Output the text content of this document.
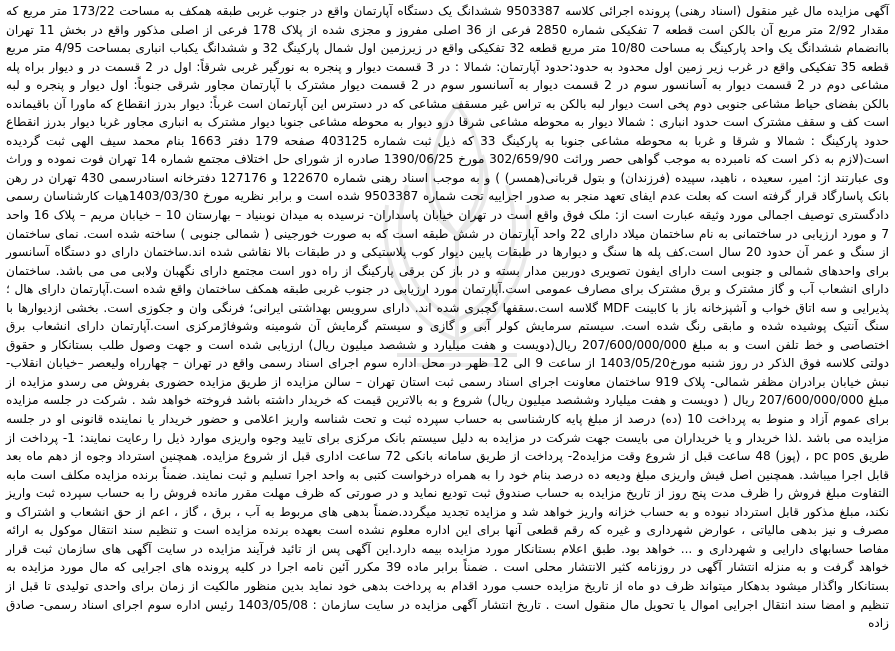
آگهی مزایده مال غیر منقول (اسناد رهنی) پرونده اجرائی کلاسه 9503387 ششدانگ یک دستگاه آپارتمان واقع در جنوب غربی طبقه همکف به مساحت 173/22 متر مربع که مقدار 2/92 متر مربع آن بالکن است قطعه 7 تفکیکی شماره 2850 فرعی از 36 اصلی مفروز و مجزی شده از پلاک 178 فرعی از اصلی مذکور واقع در بخش 11 تهران باانضمام ششدانگ یک واحد پارکینگ به مساحت 10/80 متر مربع قطعه 32 تفکیکی واقع در زیرزمین اول شمال پارکینگ 32 و ششدانگ یکباب انباری بمساحت 4/95 متر مربع قطعه 35 تفکیکی واقع در غرب زیر زمین اول محدود به حدود:حدود آپارتمان: شمالا : در 3 قسمت دیوار و پنجره به نورگیر غربی شرقاً: اول در 2 قسمت در و دیوار براه پله مشاعی دوم در 2 قسمت دیوار به آسانسور سوم در 2 قسمت دیوار به آسانسور سوم در 2 قسمت دیوار مشترک با آپارتمان مجاور شرقی جنوباً: اول دیوار و پنجره و لبه بالکن بفضای حیاط مشاعی جنوبی دوم پخی است دیوار لبه بالکن به تراس غیر مسقف مشاعی که در دسترس این آپارتمان است غرباً: دیوار بدرز انقطاع که ماورا آن باقیمانده است کف و سقف مشترک است حدود انباری : شمالا دیوار به محوطه مشاعی شرقا درو دیوار به محوطه مشاعی جنوبا دیوار مشترک به انباری مجاور غربا دیوار بدرز انقطاع حدود پارکینگ : شمالا و شرقا و غربا به محوطه مشاعی جنوبا به پارکینگ 33 که ذیل ثبت شماره 403125 صفحه 179 دفتر 1663 بنام محمد سیف الهی ثبت گردیده است(لازم به ذکر است که نامبرده به موجب گواهی حصر وراثت 302/659/90 مورخ 1390/06/25 صادره از شورای حل اختلاف مجتمع شماره 14 تهران فوت نموده و وراث وی عبارتند از: امیر، سعیده ، ناهید، سپیده (فرزندان) و بتول قربانی(همسر) ) و به موجب اسناد رهنی شماره 122670 و 127176 دفترخانه اسنادرسمی 430 تهران در رهن بانک پاسارگاد قرار گرفته است که بعلت عدم ایفای تعهد منجر به صدور اجراییه تحت شماره 9503387 شده است و برابر نظریه مورخ 1403/03/30هیات کارشناسان رسمی دادگستری توصیف اجمالی مورد وثیقه عبارت است از: ملک فوق واقع است در تهران خیابان پاسداران- نرسیده به میدان نوبنیاد – بهارستان 10 – خیابان مریم – پلاک 16 واحد 7 و مورد ارزیابی در ساختمانی به نام ساختمان میلاد دارای 22 واحد آپارتمان در شش طبقه است که به صورت خورجینی ( شمالی جنوبی ) ساخته شده است. نمای ساختمان از سنگ و عمر آن حدود 20 سال است.کف پله ها سنگ و دیوارها در طبقات پایین دیوار کوب پلاستیکی و در طبقات بالا نقاشی شده اند.ساختمان دارای دو دستگاه آسانسور برای واحدهای شمالی و جنوبی است دارای ایفون تصویری دوربین مدار بسته و در باز کن برقی پارکینگ از راه دور است مجتمع دارای نگهبان ولابی می می باشد. ساختمان دارای انشعاب آب و گاز مشترک و برق مشترک برای مصارف عمومی است.آپارتمان مورد ارزیابی در جنوب غربی طبقه همکف ساختمان واقع شده است.آپارتمان دارای هال ؛ پذیرایی و سه اتاق خواب و آشپزخانه باز با کابینت MDF گلاسه است.سقفها گچبری شده اند. دارای سرویس بهداشتی ایرانی؛ فرنگی وان و جکوزی است. بخشی ازدیوارها با سنگ آنتیک پوشیده شده و مابقی رنگ شده است. سیستم سرمایش کولر آبی و گازی و سیستم گرمایش آن شومینه وشوفاژمرکزی است.آپارتمان دارای انشعاب برق اختصاصی و خط تلفن است و به مبلغ 207/600/000/000 ریال(دویست و هفت میلیارد و ششصد میلیون ریال) ارزیابی شده است و جهت وصول طلب بستانکار و حقوق دولتی کلاسه فوق الذکر در روز شنبه مورخ1403/05/20 از ساعت 9 الی 12 ظهر در محل اداره سوم اجرای اسناد رسمی واقع در تهران – چهارراه ولیعصر –خیابان انقلاب- نبش خیابان برادران مظفر شمالی- پلاک 919 ساختمان معاونت اجرای اسناد رسمی ثبت استان تهران – سالن مزایده از طریق مزایده حضوری بفروش می رسدو مزایده از مبلغ 207/600/000/000 ریال ( دویست و هفت میلیارد وششصد میلیون ریال) شروع و به بالاترین قیمت که خریدار داشته باشد فروخته خواهد شد . شرکت در جلسه مزایده برای عموم آزاد و منوط به پرداخت 10 (ده) درصد از مبلغ پایه کارشناسی به حساب سپرده ثبت و تحت شناسه واریز اعلامی و حضور خریدار یا نماینده قانونی او در جلسه مزایده می باشد .لذا خریدار و یا خریداران می بایست جهت شرکت در مزایده به دلیل سیستم بانک مرکزی برای تایید وجوه واریزی موارد ذیل را رعایت نمایند: 1- پرداخت از طریق pc pos ، (پوز) 48 ساعت قبل از شروع وقت مزایده2- پرداخت از طریق سامانه بانکی 72 ساعت اداری قبل از شروع مزایده. همچنین استرداد وجوه از دهم ماه بعد قابل اجرا میباشد. همچنین اصل فیش واریزی مبلغ ودیعه ده درصد بنام خود را به همراه درخواست کتبی به واحد اجرا تسلیم و ثبت نمایند. ضمناً برنده مزایده مکلف است مابه التفاوت مبلغ فروش را ظرف مدت پنج روز از تاریخ مزایده به حساب صندوق ثبت تودیع نماید و در صورتی که ظرف مهلت مقرر مانده فروش را به حساب سپرده ثبت واریز نکند، مبلغ مذکور قابل استرداد نبوده و به حساب خزانه واریز خواهد شد و مزایده تجدید میگردد.ضمناً بدهی های مربوط به آب ، برق ، گاز ، اعم از حق انشعاب و اشتراک و مصرف و نیز بدهی مالیاتی ، عوارض شهرداری و غیره که رقم قطعی آنها برای این اداره معلوم نشده است بعهده برنده مزایده است و تنظیم سند انتقال موکول به ارائه مفاصا حسابهای دارایی و شهرداری و ... خواهد بود. طبق اعلام بستانکار مورد مزایده بیمه دارد.این آگهی پس از تائید فرآیند مزایده در سایت آگهی های سازمان ثبت قرار خواهد گرفت و به منزله انتشار آگهی در روزنامه کثیر الانتشار محلی است . ضمناً برابر ماده 39 مکرر آئین نامه اجرا در کلیه پرونده های اجرایی که مال مورد مزایده به بستانکار واگذار میشود بدهکار میتواند ظرف دو ماه از تاریخ مزایده حسب مورد اقدام به پرداخت بدهی خود نماید بدین منظور مالکیت از زمان برای واحدی تولیدی تا قبل از تنظیم و امضا سند انتقال اجرایی اموال یا تحویل مال منقول است . تاریخ انتشار آگهی مزایده در سایت سازمان : 1403/05/08 رئیس اداره سوم اجرای اسناد رسمی- صادق زاده
